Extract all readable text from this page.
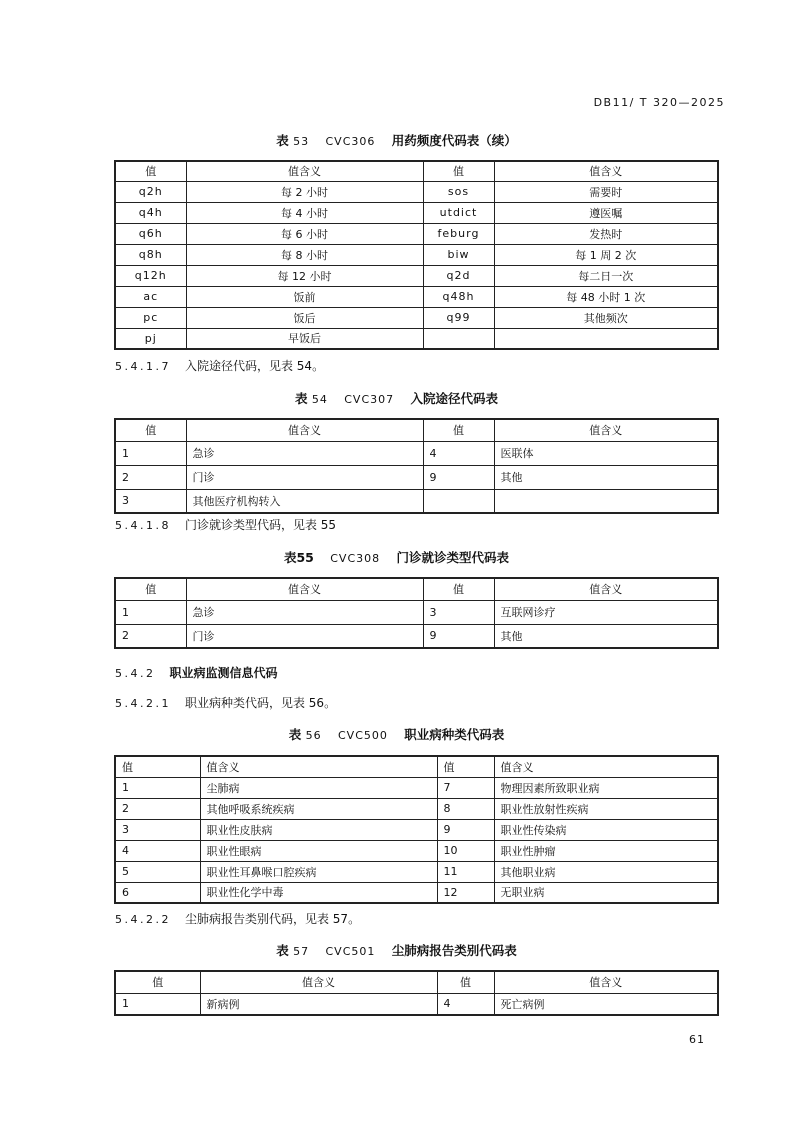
DB11/ T 320—2025
表 53 CVC306 用药频度代码表（续）
值	值含义	值	值含义
q2h	每 2 小时	sos	需要时
q4h	每 4 小时	utdict	遵医嘱
q6h	每 6 小时	feburg	发热时
q8h	每 8 小时	biw	每 1 周 2 次
q12h	每 12 小时	q2d	每二日一次
ac	饭前	q48h	每 48 小时 1 次
pc	饭后	q99	其他频次
pj	早饭后		
5.4.1.7 入院途径代码，见表 54。
表 54 CVC307 入院途径代码表
值	值含义	值	值含义
1	急诊	4	医联体
2	门诊	9	其他
3	其他医疗机构转入		
5.4.1.8 门诊就诊类型代码，见表 55
表55 CVC308 门诊就诊类型代码表
值	值含义	值	值含义
1	急诊	3	互联网诊疗
2	门诊	9	其他
5.4.2 职业病监测信息代码
5.4.2.1 职业病种类代码，见表 56。
表 56 CVC500 职业病种类代码表
值	值含义	值	值含义
1	尘肺病	7	物理因素所致职业病
2	其他呼吸系统疾病	8	职业性放射性疾病
3	职业性皮肤病	9	职业性传染病
4	职业性眼病	10	职业性肿瘤
5	职业性耳鼻喉口腔疾病	11	其他职业病
6	职业性化学中毒	12	无职业病
5.4.2.2 尘肺病报告类别代码，见表 57。
表 57 CVC501 尘肺病报告类别代码表
值	值含义	值	值含义
1	新病例	4	死亡病例
61
